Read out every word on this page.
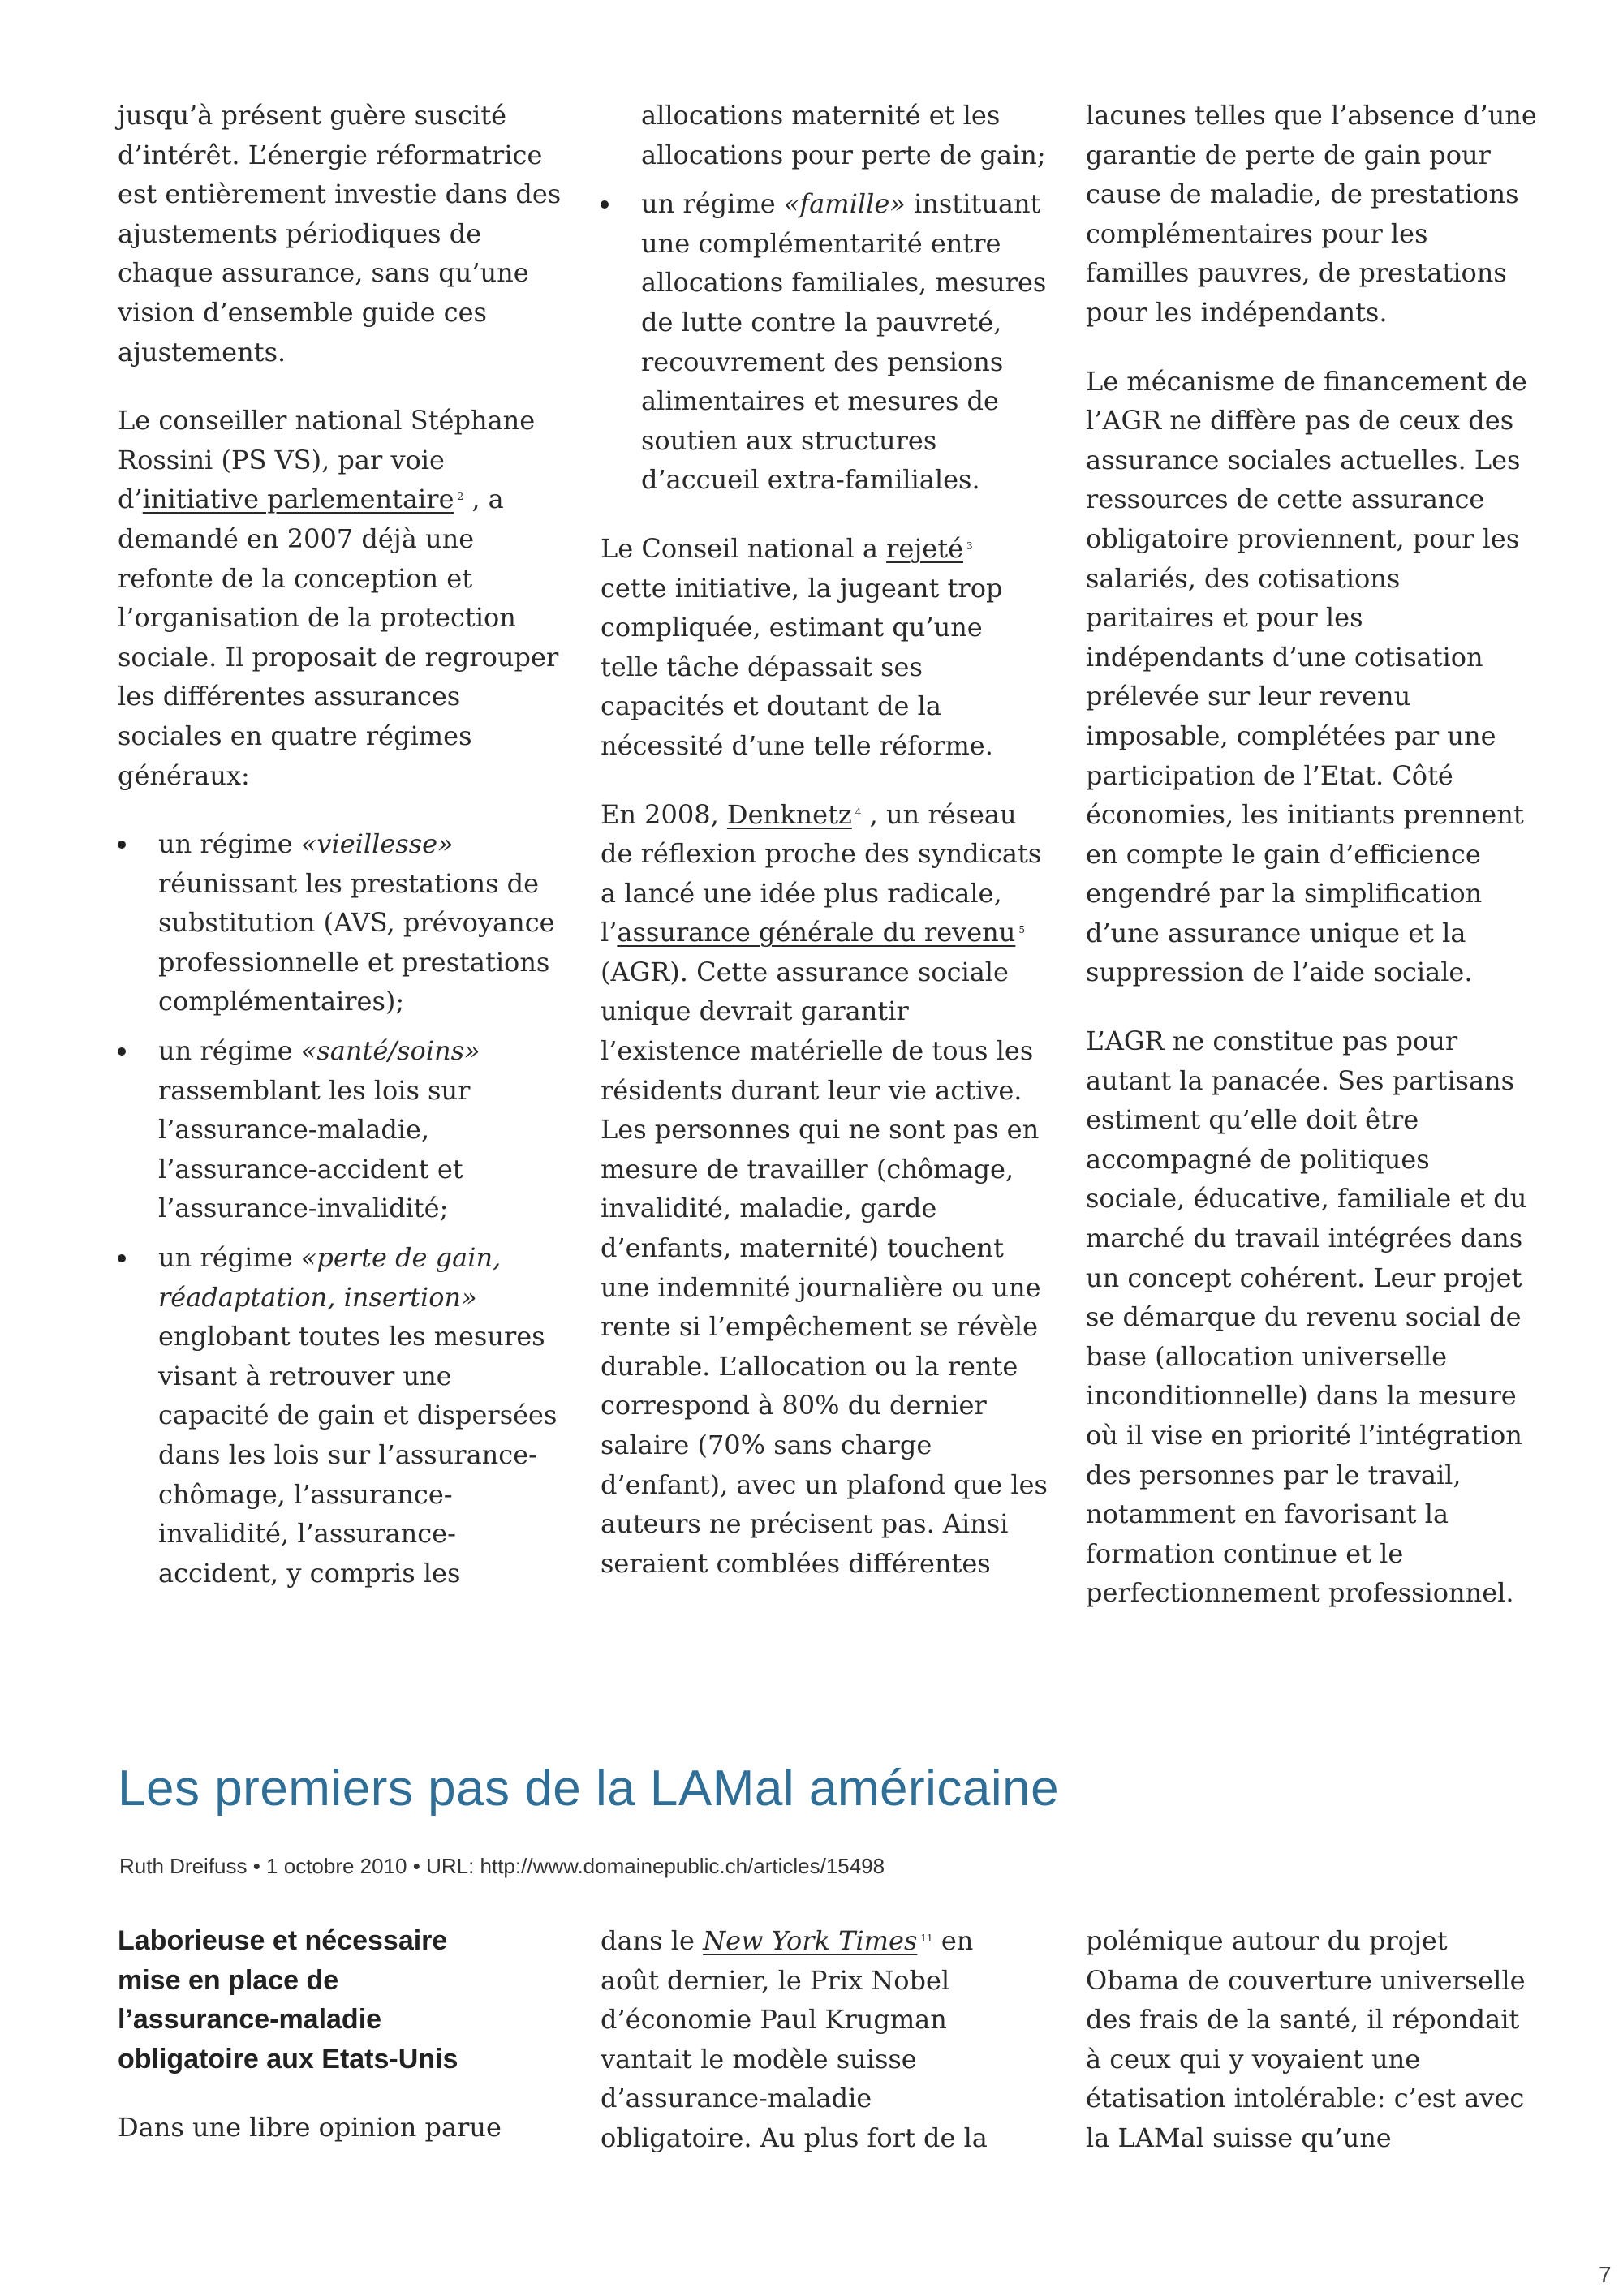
jusqu’à présent guère suscité
d’intérêt. L’énergie réformatrice
est entièrement investie dans des
ajustements périodiques de
chaque assurance, sans qu’une
vision d’ensemble guide ces
ajustements.

Le conseiller national Stéphane
Rossini (PS VS), par voie
d’initiative parlementaire $^2$ , a
demandé en 2007 déjà une
refonte de la conception et
l’organisation de la protection
sociale. Il proposait de regrouper
les différentes assurances
sociales en quatre régimes
généraux:

un régime «vieillesse»
réunissant les prestations de
substitution (AVS, prévoyance
professionnelle et prestations
complémentaires);
un régime «santé/soins»
rassemblant les lois sur
l’assurance-maladie,
l’assurance-accident et
l’assurance-invalidité;
un régime «perte de gain,
réadaptation, insertion»
englobant toutes les mesures
visant à retrouver une
capacité de gain et dispersées
dans les lois sur l’assurance-
chômage, l’assurance-
invalidité, l’assurance-
accident, y compris les

allocations maternité et les
allocations pour perte de gain;

un régime «famille» instituant
une complémentarité entre
allocations familiales, mesures
de lutte contre la pauvreté,
recouvrement des pensions
alimentaires et mesures de
soutien aux structures
d’accueil extra-familiales.

Le Conseil national a rejeté $^3$
cette initiative, la jugeant trop
compliquée, estimant qu’une
telle tâche dépassait ses
capacités et doutant de la
nécessité d’une telle réforme.

En 2008, Denknetz $^4$ , un réseau
de réflexion proche des syndicats
a lancé une idée plus radicale,
l’assurance générale du revenu $^5$
(AGR). Cette assurance sociale
unique devrait garantir
l’existence matérielle de tous les
résidents durant leur vie active.
Les personnes qui ne sont pas en
mesure de travailler (chômage,
invalidité, maladie, garde
d’enfants, maternité) touchent
une indemnité journalière ou une
rente si l’empêchement se révèle
durable. L’allocation ou la rente
correspond à 80% du dernier
salaire (70% sans charge
d’enfant), avec un plafond que les
auteurs ne précisent pas. Ainsi
seraient comblées différentes

lacunes telles que l’absence d’une
garantie de perte de gain pour
cause de maladie, de prestations
complémentaires pour les
familles pauvres, de prestations
pour les indépendants.

Le mécanisme de financement de
l’AGR ne diffère pas de ceux des
assurance sociales actuelles. Les
ressources de cette assurance
obligatoire proviennent, pour les
salariés, des cotisations
paritaires et pour les
indépendants d’une cotisation
prélevée sur leur revenu
imposable, complétées par une
participation de l’Etat. Côté
économies, les initiants prennent
en compte le gain d’efficience
engendré par la simplification
d’une assurance unique et la
suppression de l’aide sociale.

L’AGR ne constitue pas pour
autant la panacée. Ses partisans
estiment qu’elle doit être
accompagné de politiques
sociale, éducative, familiale et du
marché du travail intégrées dans
un concept cohérent. Leur projet
se démarque du revenu social de
base (allocation universelle
inconditionnelle) dans la mesure
où il vise en priorité l’intégration
des personnes par le travail,
notamment en favorisant la
formation continue et le
perfectionnement professionnel.

Les premiers pas de la LAMal américaine
Ruth Dreifuss • 1 octobre 2010 • URL: http://www.domainepublic.ch/articles/15498
Laborieuse et nécessaire
mise en place de
l’assurance-maladie
obligatoire aux Etats-Unis

Dans une libre opinion parue

dans le New York Times $^{11}$ en
août dernier, le Prix Nobel
d’économie Paul Krugman
vantait le modèle suisse
d’assurance-maladie
obligatoire. Au plus fort de la

polémique autour du projet
Obama de couverture universelle
des frais de la santé, il répondait
à ceux qui y voyaient une
étatisation intolérable: c’est avec
la LAMal suisse qu’une

7
